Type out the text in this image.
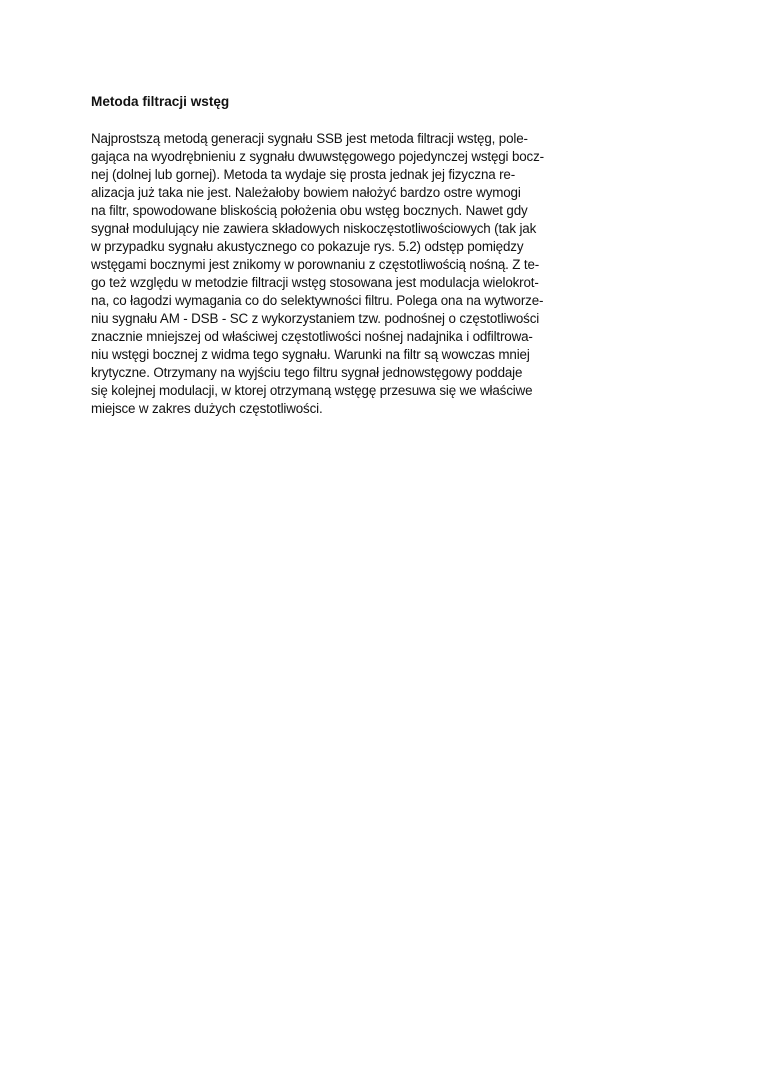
Metoda filtracji wstęg
Najprostszą metodą generacji sygnału SSB jest metoda filtracji wstęg, pole-
gająca na wyodrębnieniu z sygnału dwuwstęgowego pojedynczej wstęgi bocz-
nej (dolnej lub gornej). Metoda ta wydaje się prosta jednak jej fizyczna re-
alizacja już taka nie jest. Należałoby bowiem nałożyć bardzo ostre wymogi
na filtr, spowodowane bliskością położenia obu wstęg bocznych. Nawet gdy
sygnał modulujący nie zawiera składowych niskoczęstotliwościowych (tak jak
w przypadku sygnału akustycznego co pokazuje rys. 5.2) odstęp pomiędzy
wstęgami bocznymi jest znikomy w porownaniu z częstotliwością nośną. Z te-
go też względu w metodzie filtracji wstęg stosowana jest modulacja wielokrot-
na, co łagodzi wymagania co do selektywności filtru. Polega ona na wytworze-
niu sygnału AM - DSB - SC z wykorzystaniem tzw. podnośnej o częstotliwości
znacznie mniejszej od właściwej częstotliwości nośnej nadajnika i odfiltrowa-
niu wstęgi bocznej z widma tego sygnału. Warunki na filtr są wowczas mniej
krytyczne. Otrzymany na wyjściu tego filtru sygnał jednowstęgowy poddaje
się kolejnej modulacji, w ktorej otrzymaną wstęgę przesuwa się we właściwe
miejsce w zakres dużych częstotliwości.
